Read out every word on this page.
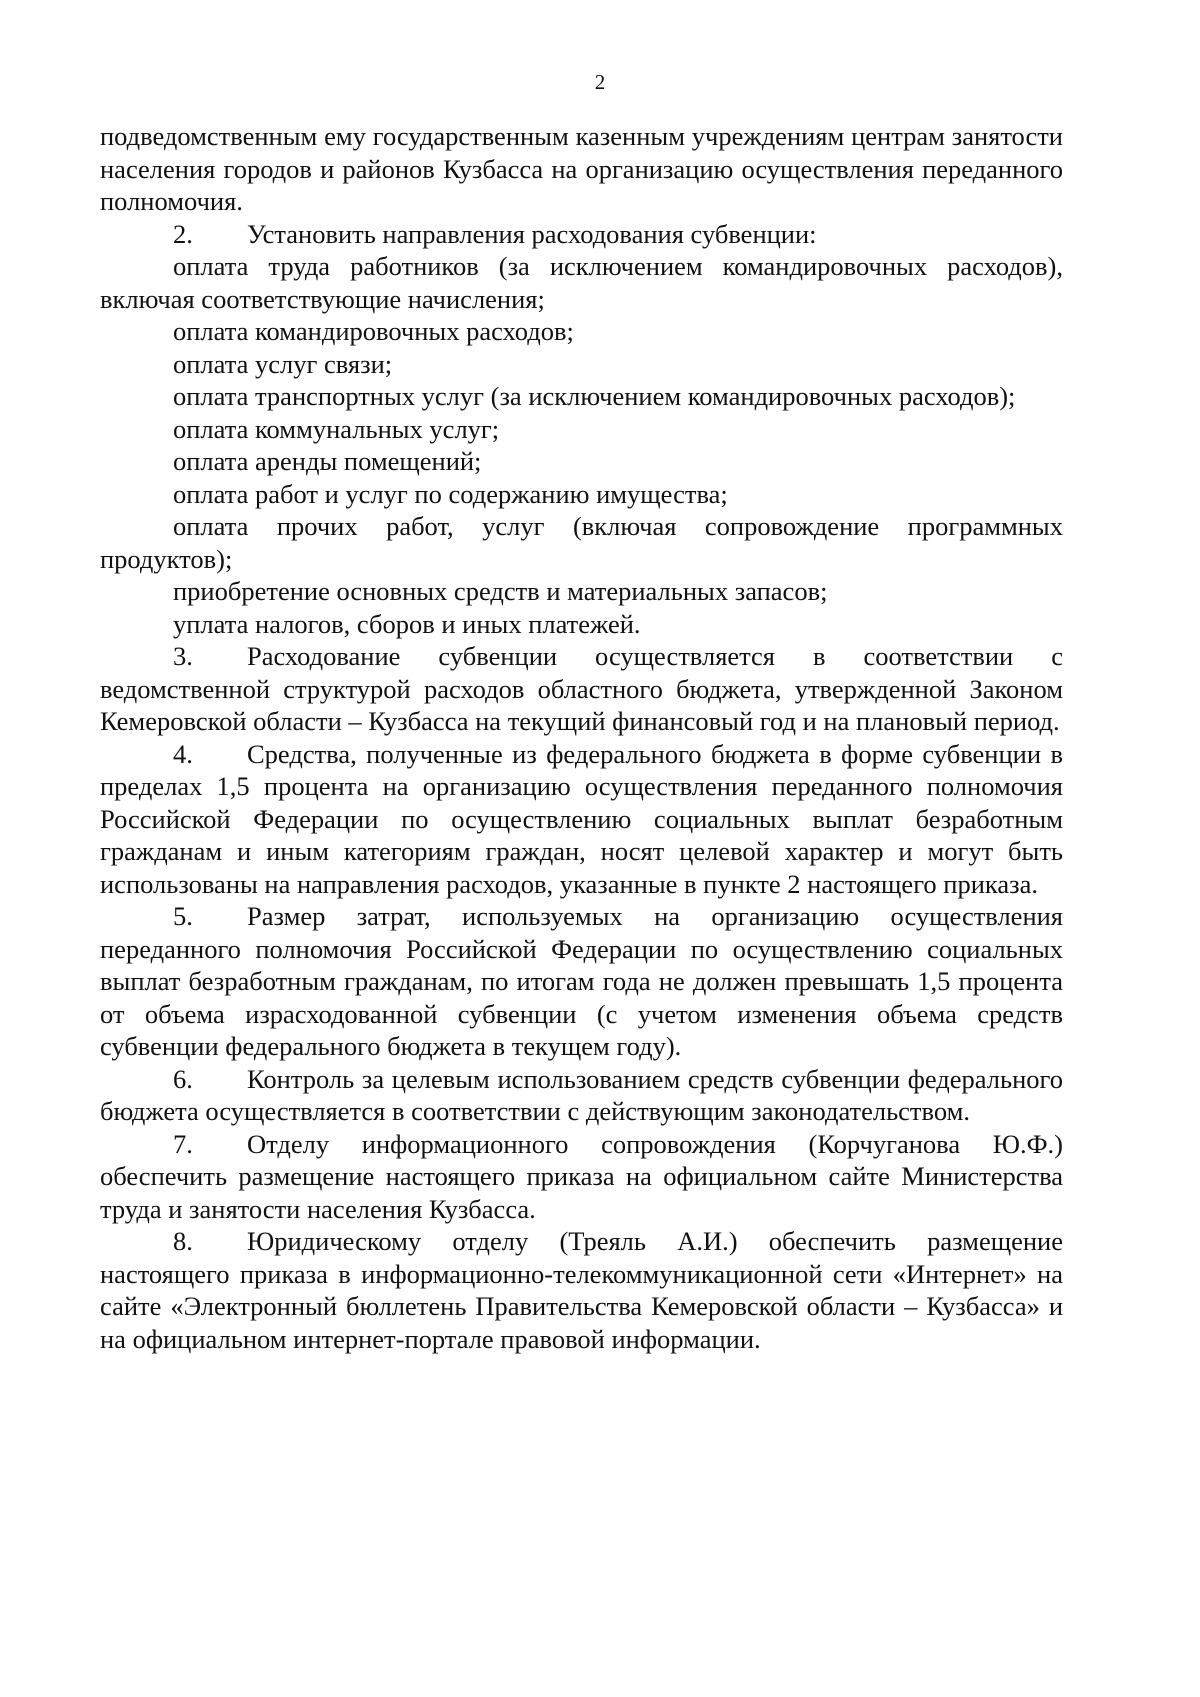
2

подведомственным ему государственным казенным учреждениям центрам занятости населения городов и районов Кузбасса на организацию осуществления переданного полномочия.

2. Установить направления расходования субвенции:

оплата труда работников (за исключением командировочных расходов), включая соответствующие начисления;

оплата командировочных расходов;

оплата услуг связи;

оплата транспортных услуг (за исключением командировочных расходов);

оплата коммунальных услуг;

оплата аренды помещений;

оплата работ и услуг по содержанию имущества;

оплата прочих работ, услуг (включая сопровождение программных продуктов);

приобретение основных средств и материальных запасов;

уплата налогов, сборов и иных платежей.

3. Расходование субвенции осуществляется в соответствии с ведомственной структурой расходов областного бюджета, утвержденной Законом Кемеровской области – Кузбасса на текущий финансовый год и на плановый период.

4. Средства, полученные из федерального бюджета в форме субвенции в пределах 1,5 процента на организацию осуществления переданного полномочия Российской Федерации по осуществлению социальных выплат безработным гражданам и иным категориям граждан, носят целевой характер и могут быть использованы на направления расходов, указанные в пункте 2 настоящего приказа.

5. Размер затрат, используемых на организацию осуществления переданного полномочия Российской Федерации по осуществлению социальных выплат безработным гражданам, по итогам года не должен превышать 1,5 процента от объема израсходованной субвенции (с учетом изменения объема средств субвенции федерального бюджета в текущем году).

6. Контроль за целевым использованием средств субвенции федерального бюджета осуществляется в соответствии с действующим законодательством.

7. Отделу информационного сопровождения (Корчуганова Ю.Ф.) обеспечить размещение настоящего приказа на официальном сайте Министерства труда и занятости населения Кузбасса.

8. Юридическому отделу (Треяль А.И.) обеспечить размещение настоящего приказа в информационно-телекоммуникационной сети «Интернет» на сайте «Электронный бюллетень Правительства Кемеровской области – Кузбасса» и на официальном интернет-портале правовой информации.
